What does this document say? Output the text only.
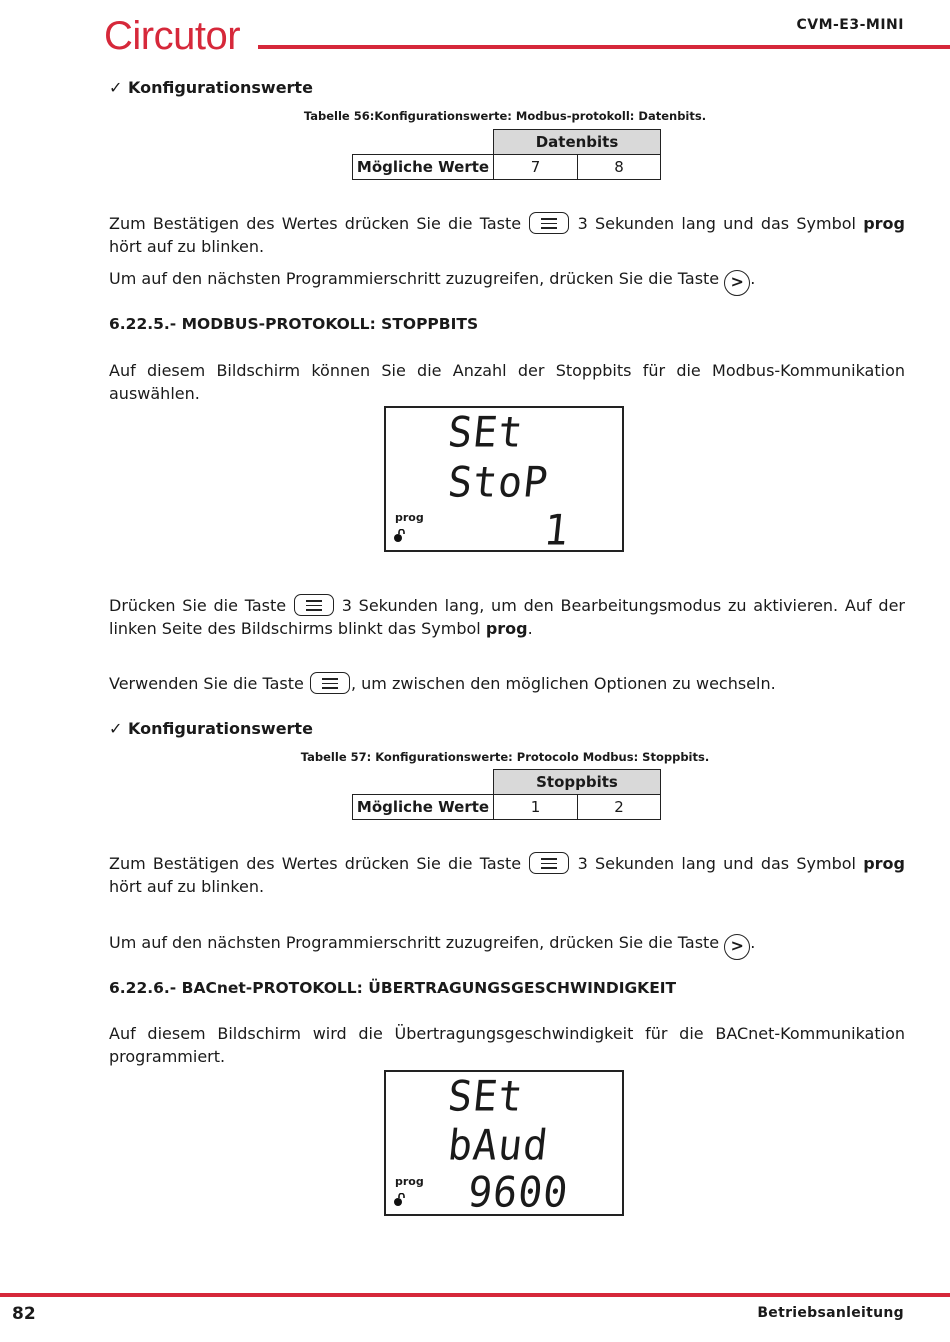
Circutor	CVM-E3-MINI
✓ Konfigurationswerte
Tabelle 56:Konfigurationswerte: Modbus-protokoll: Datenbits.
	Datenbits	
Mögliche Werte	7	8
Zum Bestätigen des Wertes drücken Sie die Taste	3 Sekunden lang und das Symbol prog hört auf zu blinken.
Um auf den nächsten Programmierschritt zuzugreifen, drücken Sie die Taste > .
6.22.5.- MODBUS-PROTOKOLL: STOPPBITS
Auf diesem Bildschirm können Sie die Anzahl der Stoppbits für die Modbus-Kommunikation auswählen.
SEt
StoP
1
prog
Drücken Sie die Taste	3 Sekunden lang, um den Bearbeitungsmodus zu aktivieren. Auf der linken Seite des Bildschirms blinkt das Symbol prog.
Verwenden Sie die Taste	, um zwischen den möglichen Optionen zu wechseln.
✓ Konfigurationswerte
Tabelle 57: Konfigurationswerte: Protocolo Modbus: Stoppbits.
	Stoppbits	
Mögliche Werte	1	2
Zum Bestätigen des Wertes drücken Sie die Taste	3 Sekunden lang und das Symbol prog hört auf zu blinken.
Um auf den nächsten Programmierschritt zuzugreifen, drücken Sie die Taste > .
6.22.6.- BACnet-PROTOKOLL: ÜBERTRAGUNGSGESCHWINDIGKEIT
Auf diesem Bildschirm wird die Übertragungsgeschwindigkeit für die BACnet-Kommunikation programmiert.
SEt
bAud
9600
prog
82	Betriebsanleitung
